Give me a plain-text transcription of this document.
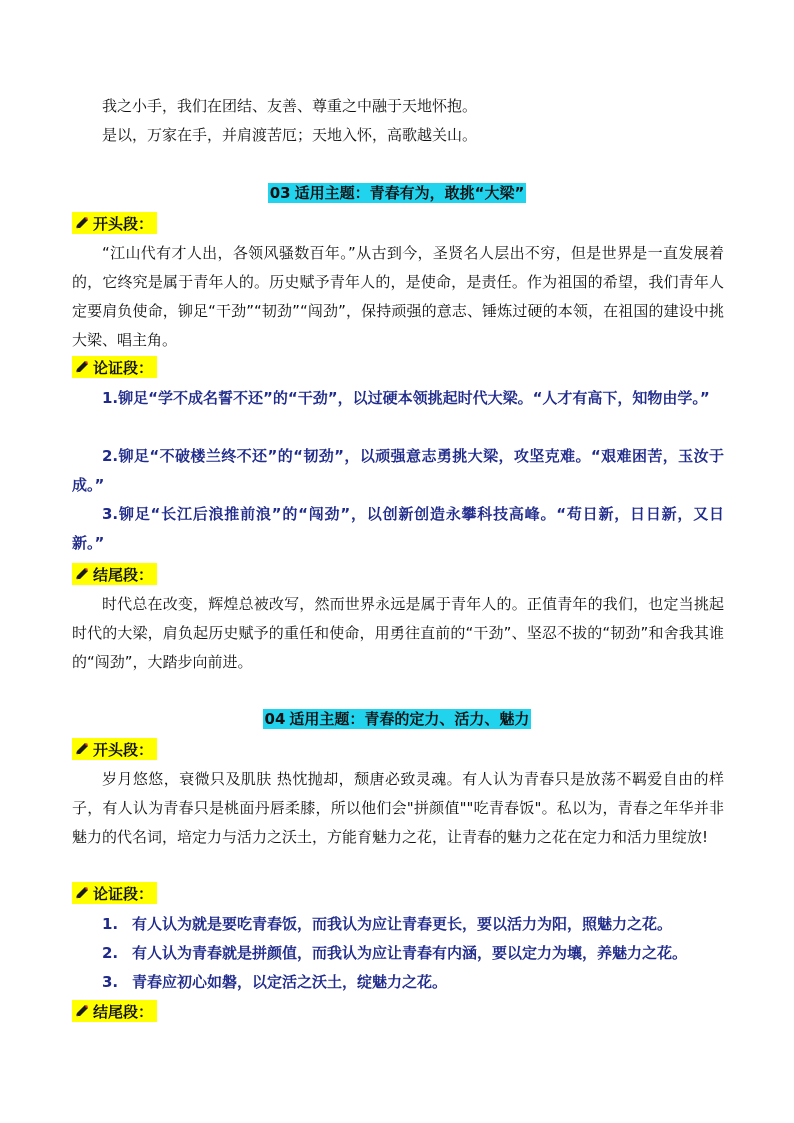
我之小手，我们在团结、友善、尊重之中融于天地怀抱。

是以，万家在手，并肩渡苦厄；天地入怀，高歌越关山。

03 适用主题：青春有为，敢挑“大梁”
开头段：

“江山代有才人出，各领风骚数百年。”从古到今，圣贤名人层出不穷，但是世界是一直发展着的，它终究是属于青年人的。历史赋予青年人的，是使命，是责任。作为祖国的希望，我们青年人定要肩负使命，铆足“干劲”“韧劲”“闯劲”，保持顽强的意志、锤炼过硬的本领，在祖国的建设中挑大梁、唱主角。

论证段：

1.铆足“学不成名誓不还”的“干劲”，以过硬本领挑起时代大梁。“人才有高下，知物由学。”

2.铆足“不破楼兰终不还”的“韧劲”，以顽强意志勇挑大梁，攻坚克难。“艰难困苦，玉汝于成。”

3.铆足“长江后浪推前浪”的“闯劲”，以创新创造永攀科技高峰。“苟日新，日日新，又日新。”

结尾段：

时代总在改变，辉煌总被改写，然而世界永远是属于青年人的。正值青年的我们，也定当挑起时代的大梁，肩负起历史赋予的重任和使命，用勇往直前的“干劲”、坚忍不拔的“韧劲”和舍我其谁的“闯劲”，大踏步向前进。

04 适用主题：青春的定力、活力、魅力
开头段：

岁月悠悠，衰微只及肌肤 热忱抛却，颓唐必致灵魂。有人认为青春只是放荡不羁爱自由的样子，有人认为青春只是桃面丹唇柔膝，所以他们会"拼颜值""吃青春饭"。私以为，青春之年华并非魅力的代名词，培定力与活力之沃土，方能育魅力之花，让青春的魅力之花在定力和活力里绽放!

论证段：

1. 有人认为就是要吃青春饭，而我认为应让青春更长，要以活力为阳，照魅力之花。

2. 有人认为青春就是拼颜值，而我认为应让青春有内涵，要以定力为壤，养魅力之花。

3. 青春应初心如磐，以定活之沃土，绽魅力之花。

结尾段：
